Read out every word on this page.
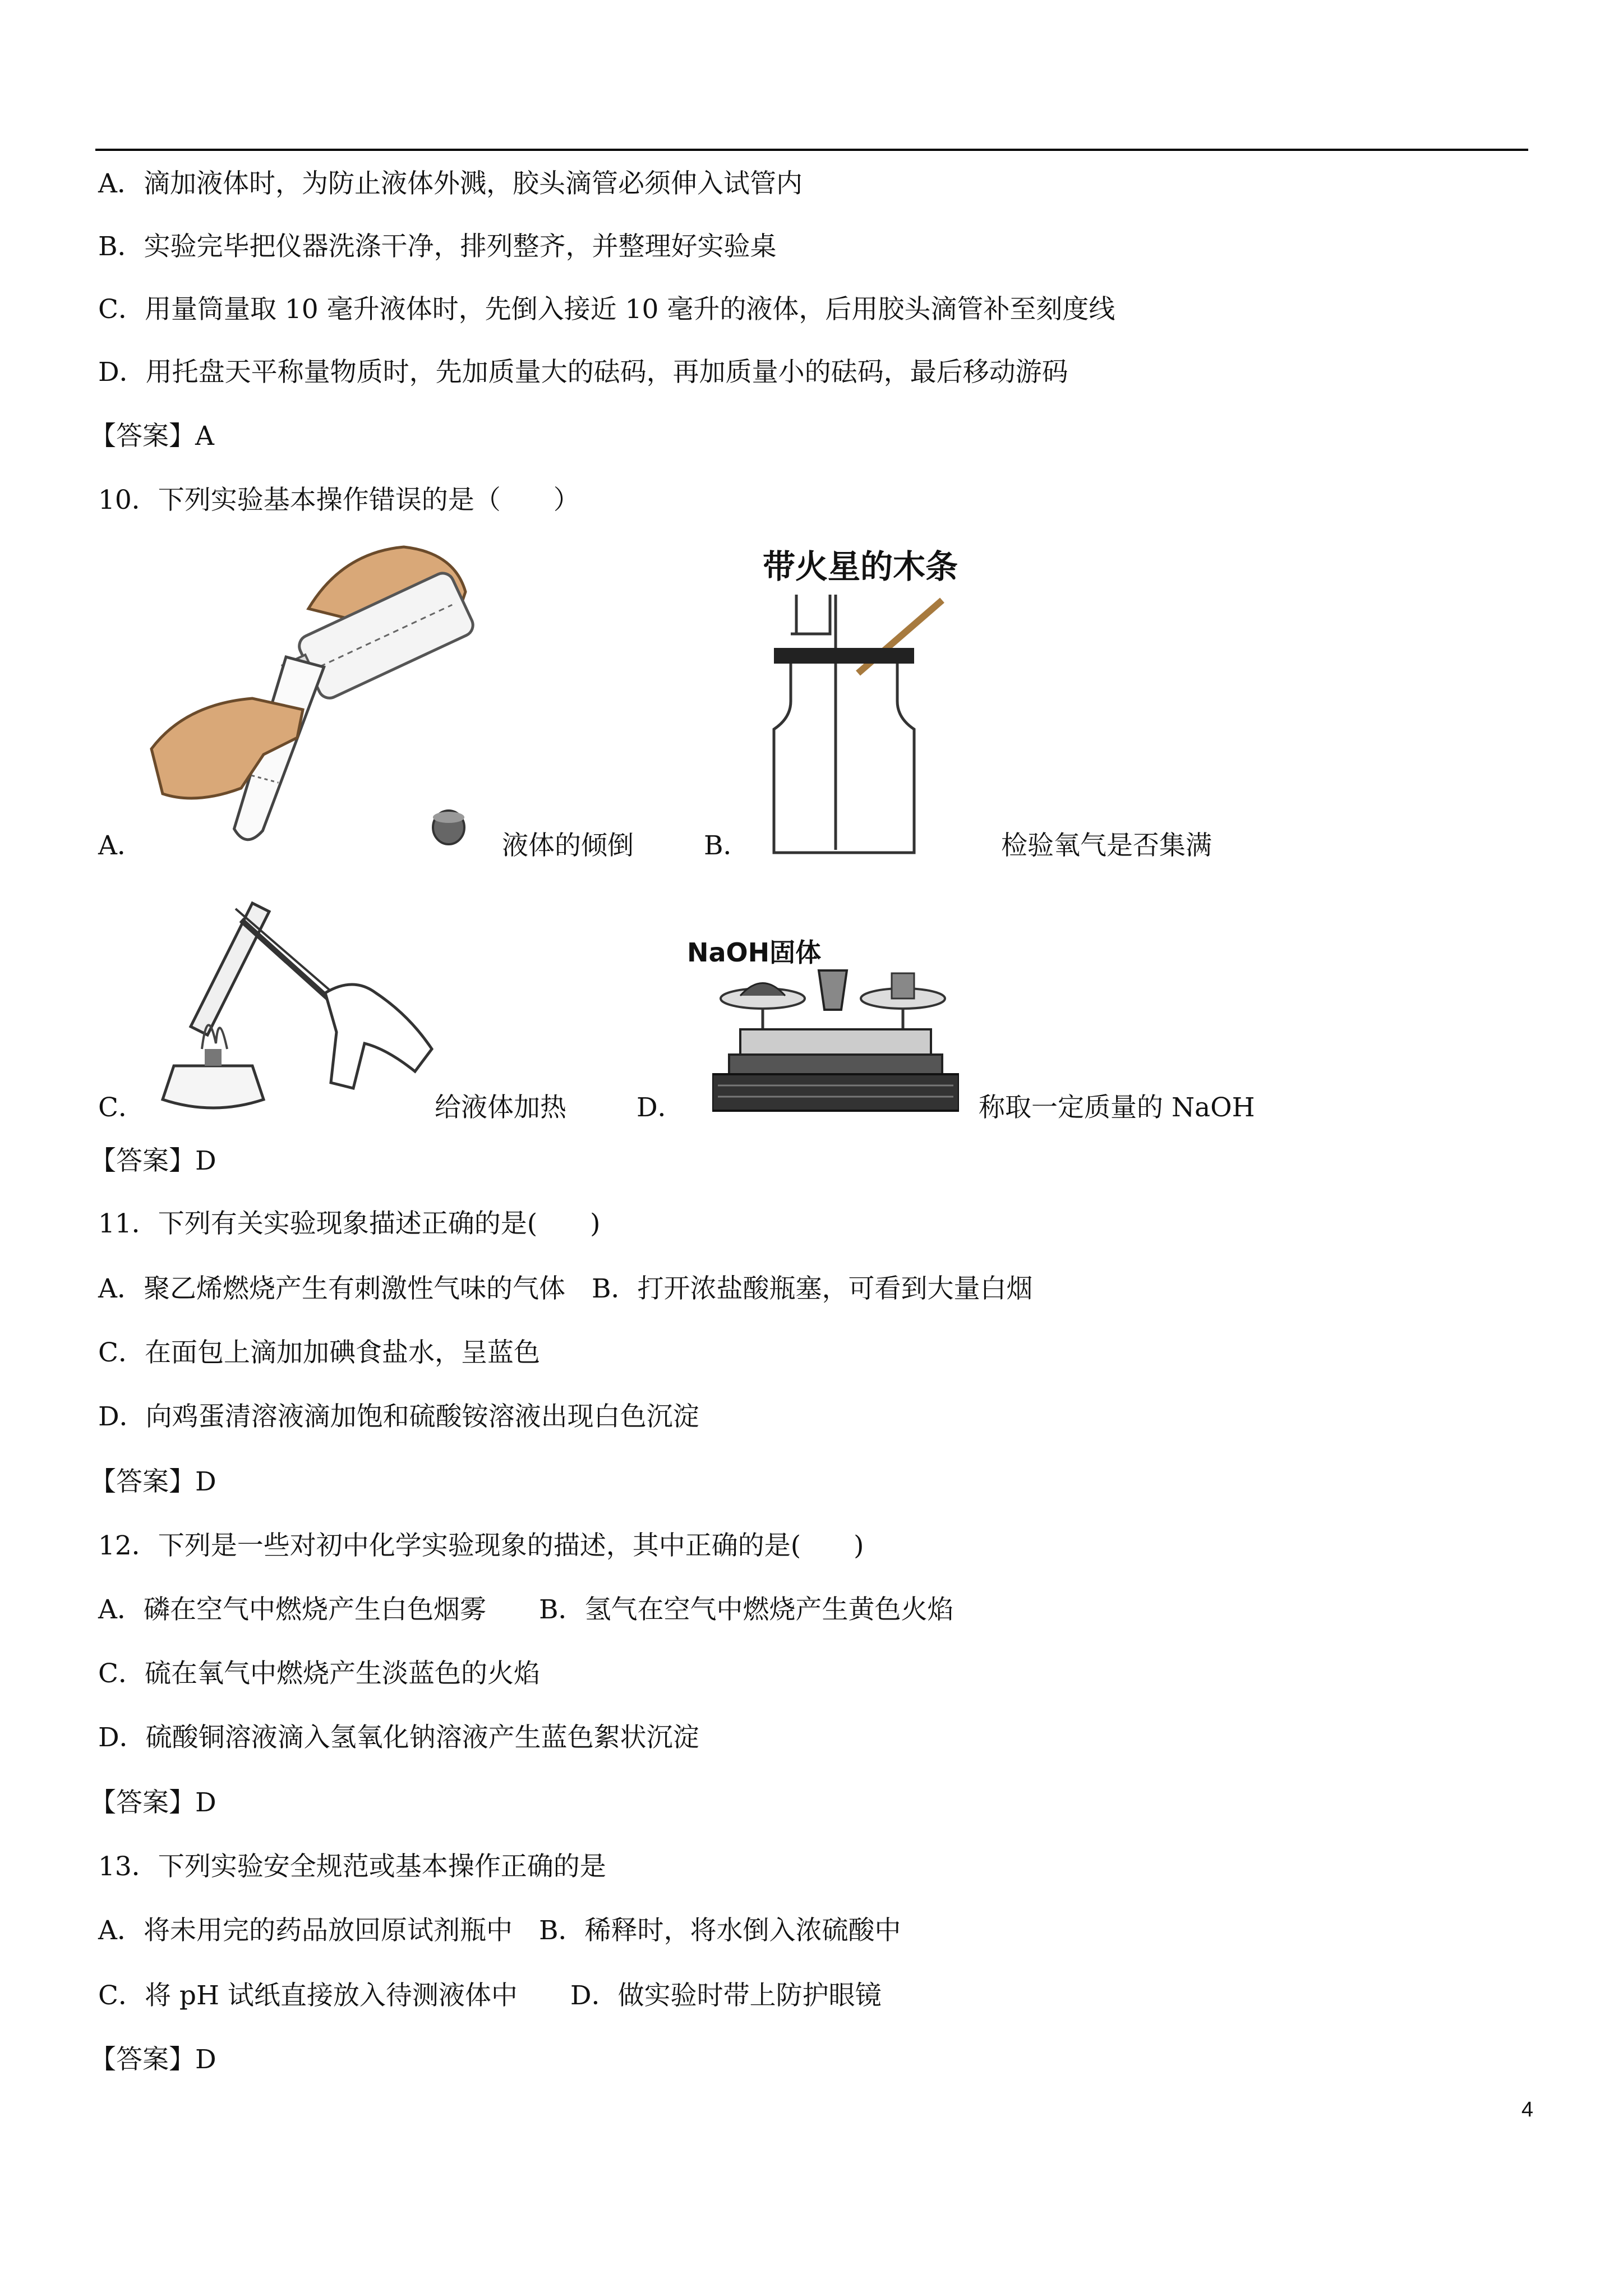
A．滴加液体时，为防止液体外溅，胶头滴管必须伸入试管内
B．实验完毕把仪器洗涤干净，排列整齐，并整理好实验桌
C．用量筒量取 10 毫升液体时，先倒入接近 10 毫升的液体，后用胶头滴管补至刻度线
D．用托盘天平称量物质时，先加质量大的砝码，再加质量小的砝码，最后移动游码
【答案】A
10．下列实验基本操作错误的是（　　）
A．	液体的倾倒
带火星的木条
B．	检验氧气是否集满
C．	给液体加热
NaOH固体
D．	称取一定质量的 NaOH
【答案】D
11．下列有关实验现象描述正确的是(　　)
A．聚乙烯燃烧产生有刺激性气味的气体　B．打开浓盐酸瓶塞，可看到大量白烟
C．在面包上滴加加碘食盐水，呈蓝色
D．向鸡蛋清溶液滴加饱和硫酸铵溶液出现白色沉淀
【答案】D
12．下列是一些对初中化学实验现象的描述，其中正确的是(　　)
A．磷在空气中燃烧产生白色烟雾　　B．氢气在空气中燃烧产生黄色火焰
C．硫在氧气中燃烧产生淡蓝色的火焰
D．硫酸铜溶液滴入氢氧化钠溶液产生蓝色絮状沉淀
【答案】D
13．下列实验安全规范或基本操作正确的是
A．将未用完的药品放回原试剂瓶中　B．稀释时，将水倒入浓硫酸中
C．将 pH 试纸直接放入待测液体中　　D．做实验时带上防护眼镜
【答案】D
4
